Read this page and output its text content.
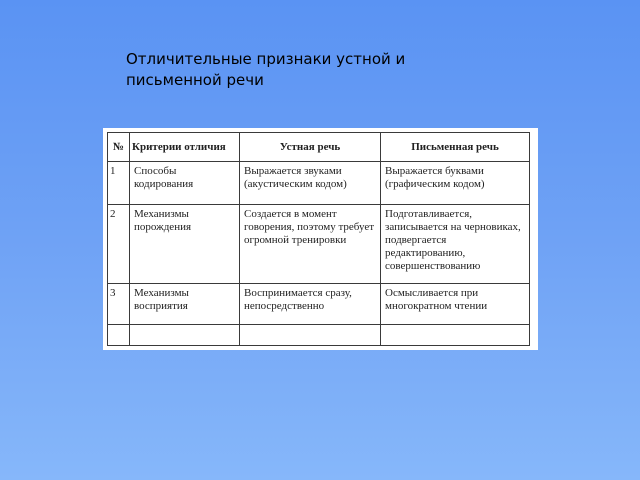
Отличительные признаки устной и письменной речи
№	Критерии отличия	Устная речь	Письменная речь
1	Способы кодирования	Выражается звуками (акустическим кодом)	Выражается буквами (графическим кодом)
2	Механизмы порождения	Создается в момент говорения, поэтому требует огромной тренировки	Подготавливается, записывается на черновиках, подвергается редактированию, совершенствованию
3	Механизмы восприятия	Воспринимается сразу, непосредственно	Осмысливается при многократном чтении
